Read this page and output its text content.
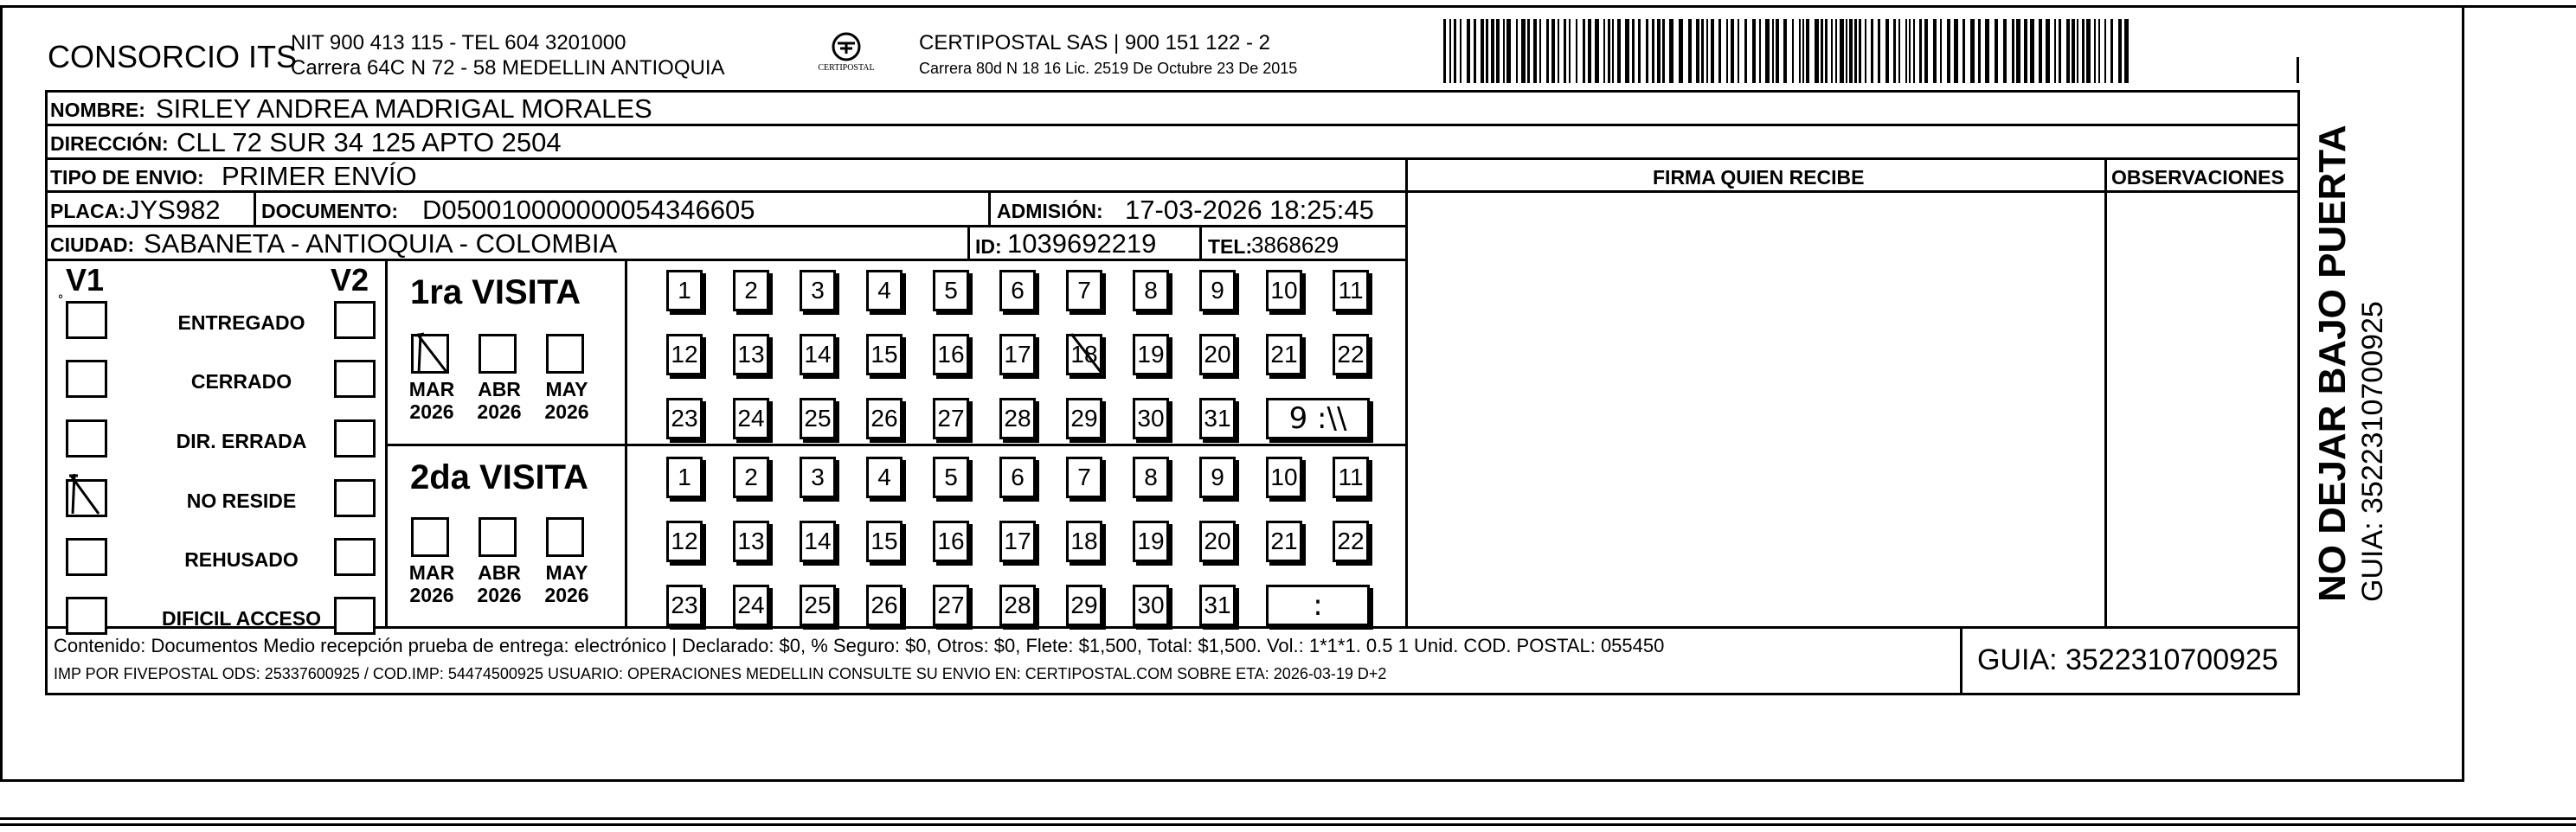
CONSORCIO ITS
NIT 900 413 115 - TEL 604 3201000
Carrera 64C N 72 - 58 MEDELLIN ANTIOQUIA	CERTIPOSTAL
CERTIPOSTAL SAS | 900 151 122 - 2
Carrera 80d N 18 16 Lic. 2519 De Octubre 23 De 2015
NOMBRE: SIRLEY ANDREA MADRIGAL MORALES
DIRECCIÓN: CLL 72 SUR 34 125 APTO 2504
TIPO DE ENVIO: PRIMER ENVÍO	FIRMA QUIEN RECIBE	OBSERVACIONES
PLACA: JYS982 DOCUMENTO: D050010000000054346605	ADMISIÓN: 17-03-2026 18:25:45
CIUDAD: SABANETA - ANTIOQUIA - COLOMBIA	ID: 1039692219	TEL:
3868629
V1	V2
ENTREGADO
CERRADO
DIR. ERRADA
NO RESIDE
REHUSADO
DIFICIL ACCESO
˚	1ra VISITA
MAR
2026
ABR
2026
MAY
2026
1	2	3	4	5	6	7	8	9	10 11
12 13 14 15 16 17 18 19 20 21 22
23 24 25 26 27 28 29 30 31	9 :\\
2da VISITA
MAR
2026
ABR
2026
MAY
2026
1	2	3	4	5	6	7	8	9	10 11
12 13 14 15 16 17 18 19 20 21 22
23 24 25 26 27 28 29 30 31	:
Contenido: Documentos Medio recepción prueba de entrega: electrónico | Declarado: $0, % Seguro: $0, Otros: $0, Flete: $1,500, Total: $1,500. Vol.: 1*1*1. 0.5 1 Unid. COD. POSTAL: 055450
IMP POR FIVEPOSTAL ODS: 25337600925 / COD.IMP: 54474500925 USUARIO: OPERACIONES MEDELLIN CONSULTE SU ENVIO EN: CERTIPOSTAL.COM SOBRE ETA: 2026-03-19 D+2	GUIA: 3522310700925
NO DEJAR BAJO PUERTA GUIA: 3522310700925
